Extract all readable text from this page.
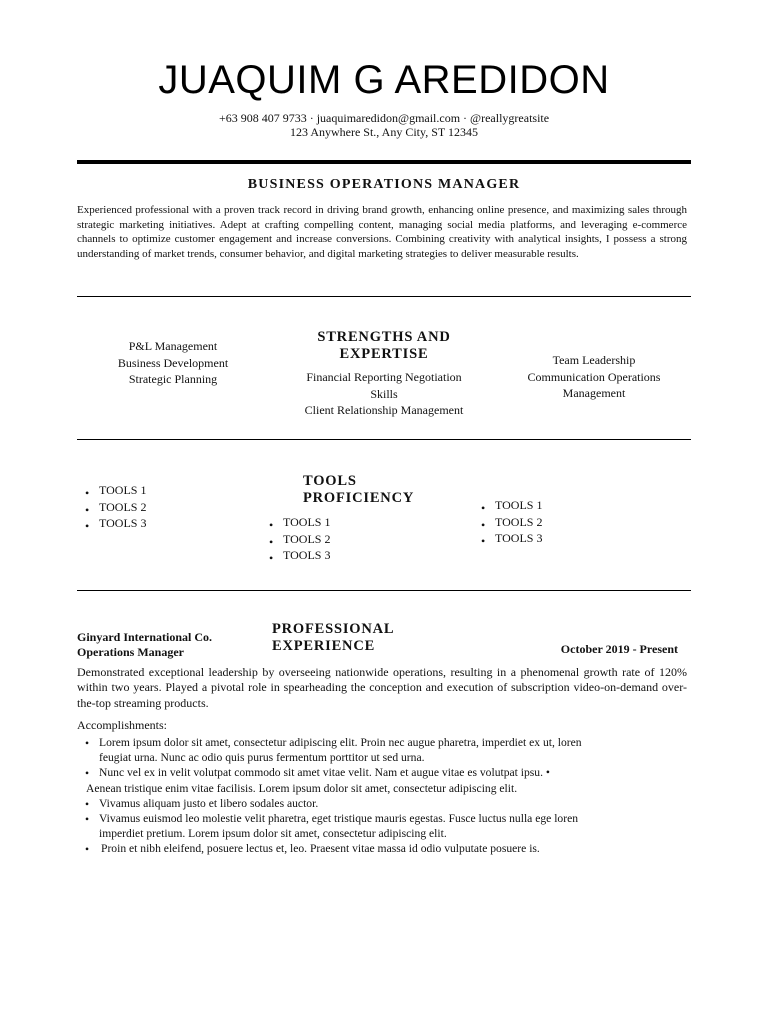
JUAQUIM G AREDIDON
+63 908 407 9733 · juaquimaredidon@gmail.com · @reallygreatsite
123 Anywhere St., Any City, ST 12345
BUSINESS OPERATIONS MANAGER
Experienced professional with a proven track record in driving brand growth, enhancing online presence, and maximizing sales through strategic marketing initiatives. Adept at crafting compelling content, managing social media platforms, and leveraging e-commerce channels to optimize customer engagement and increase conversions. Combining creativity with analytical insights, I possess a strong understanding of market trends, consumer behavior, and digital marketing strategies to deliver measurable results.
STRENGTHS AND
EXPERTISE
P&L Management
Business Development
Strategic Planning	Financial Reporting Negotiation
Skills
Client Relationship Management
Team Leadership
Communication Operations
Management
TOOLS
PROFICIENCY
• TOOLS 1
• TOOLS 2
• TOOLS 3
•	TOOLS 1
• TOOLS 2
• TOOLS 3
• TOOLS 1
• TOOLS 2
• TOOLS 3
PROFESSIONAL
EXPERIENCE
Ginyard International Co.
Operations Manager	October 2019 - Present
Demonstrated exceptional leadership by overseeing nationwide operations, resulting in a phenomenal growth rate of 120% within two years. Played a pivotal role in spearheading the conception and execution of subscription video-on-demand over-the-top streaming products.
Accomplishments:
• Lorem ipsum dolor sit amet, consectetur adipiscing elit. Proin nec augue pharetra, imperdiet ex ut, loren
feugiat urna. Nunc ac odio quis purus fermentum porttitor ut sed urna.
• Nunc vel ex in velit volutpat commodo sit amet vitae velit. Nam et augue vitae es volutpat ipsu. •
Aenean tristique enim vitae facilisis. Lorem ipsum dolor sit amet, consectetur adipiscing elit.
• Vivamus aliquam justo et libero sodales auctor.
• Vivamus euismod leo molestie velit pharetra, eget tristique mauris egestas. Fusce luctus nulla ege loren
imperdiet pretium. Lorem ipsum dolor sit amet, consectetur adipiscing elit.
• Proin et nibh eleifend, posuere lectus et, leo. Praesent vitae massa id odio vulputate posuere is.
